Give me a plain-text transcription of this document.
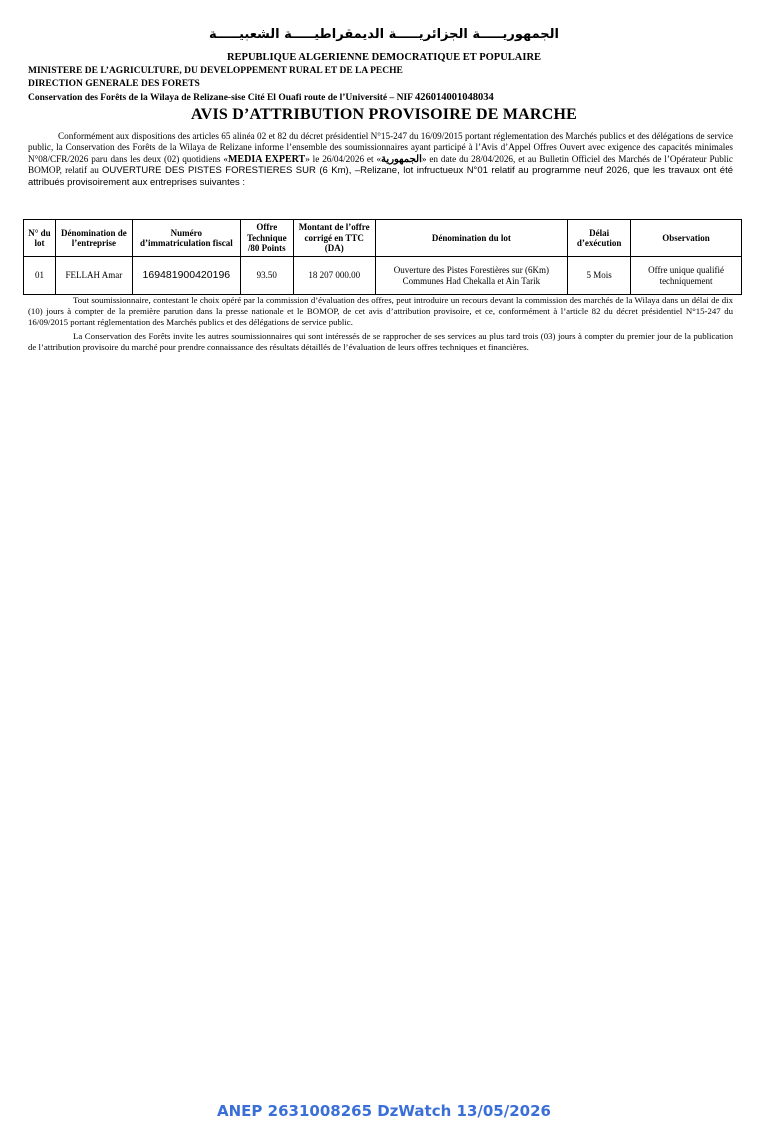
الجمهوريـــــة الجزائريـــــة الديمقراطيـــــة الشعبيـــــة
REPUBLIQUE ALGERIENNE DEMOCRATIQUE ET POPULAIRE
MINISTERE DE L’AGRICULTURE, DU DEVELOPPEMENT RURAL ET DE LA PECHE
DIRECTION GENERALE DES FORETS
Conservation des Forêts de la Wilaya de Relizane-sise Cité El Ouafi route de l’Université – NIF 426014001048034
AVIS D’ATTRIBUTION PROVISOIRE DE MARCHE
Conformément aux dispositions des articles 65 alinéa 02 et 82 du décret présidentiel N°15-247 du 16/09/2015 portant réglementation des Marchés publics et des délégations de service public, la Conservation des Forêts de la Wilaya de Relizane informe l’ensemble des soumissionnaires ayant participé à l’Avis d’Appel Offres Ouvert avec exigence des capacités minimales N°08/CFR/2026 paru dans les deux (02) quotidiens «MEDIA EXPERT» le 26/04/2026 et «الجمهورية» en date du 28/04/2026, et au Bulletin Officiel des Marchés de l’Opérateur Public BOMOP, relatif au OUVERTURE DES PISTES FORESTIERES SUR (6 Km), –Relizane, lot infructueux N°01 relatif au programme neuf 2026, que les travaux ont été attribués provisoirement aux entreprises suivantes :
N° du lot	Dénomination de l’entreprise	Numéro d’immatriculation fiscal	Offre Technique /80 Points	Montant de l’offre corrigé en TTC (DA)	Dénomination du lot	Délai d’exécution	Observation
01	FELLAH Amar	169481900420196	93.50	18 207 000.00	Ouverture des Pistes Forestières sur (6Km) Communes Had Chekalla et Ain Tarik	5 Mois	Offre unique qualifié techniquement
Tout soumissionnaire, contestant le choix opéré par la commission d’évaluation des offres, peut introduire un recours devant la commission des marchés de la Wilaya dans un délai de dix (10) jours à compter de la première parution dans la presse nationale et le BOMOP, de cet avis d’attribution provisoire, et ce, conformément à l’article 82 du décret présidentiel N°15-247 du 16/09/2015 portant réglementation des Marchés publics et des délégations de service public.
La Conservation des Forêts invite les autres soumissionnaires qui sont intéressés de se rapprocher de ses services au plus tard trois (03) jours à compter du premier jour de la publication de l’attribution provisoire du marché pour prendre connaissance des résultats détaillés de l’évaluation de leurs offres techniques et financières.
ANEP 2631008265 DzWatch 13/05/2026
